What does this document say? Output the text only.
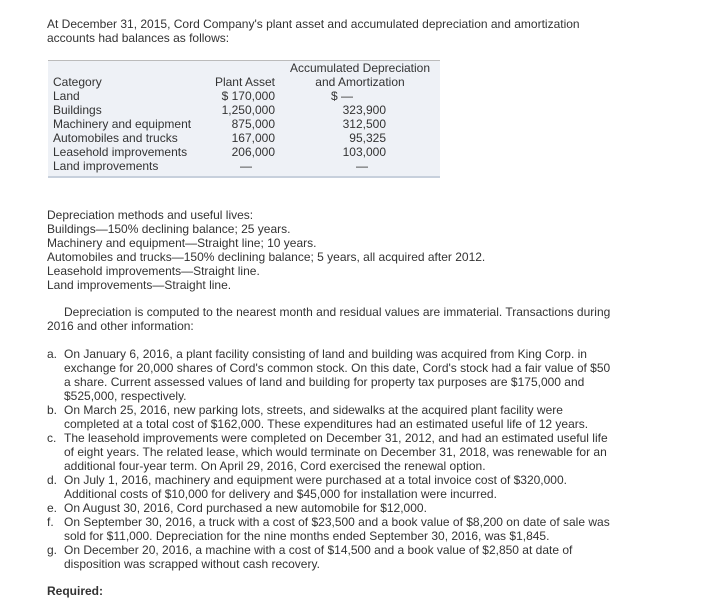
At December 31, 2015, Cord Company's plant asset and accumulated depreciation and amortization
accounts had balances as follows:
Accumulated Depreciation
and Amortization
Category	Plant Asset
Land	$ 170,000	$ —
Buildings	1,250,000	323,900
Machinery and equipment	875,000	312,500
Automobiles and trucks	167,000	95,325
Leasehold improvements	206,000	103,000
Land improvements	—	—
Depreciation methods and useful lives:
Buildings—150% declining balance; 25 years.
Machinery and equipment—Straight line; 10 years.
Automobiles and trucks—150% declining balance; 5 years, all acquired after 2012.
Leasehold improvements—Straight line.
Land improvements—Straight line.
Depreciation is computed to the nearest month and residual values are immaterial. Transactions during
2016 and other information:
a. On January 6, 2016, a plant facility consisting of land and building was acquired from King Corp. in
exchange for 20,000 shares of Cord's common stock. On this date, Cord's stock had a fair value of $50
a share. Current assessed values of land and building for property tax purposes are $175,000 and
$525,000, respectively.
b. On March 25, 2016, new parking lots, streets, and sidewalks at the acquired plant facility were
completed at a total cost of $162,000. These expenditures had an estimated useful life of 12 years.
c. The leasehold improvements were completed on December 31, 2012, and had an estimated useful life
of eight years. The related lease, which would terminate on December 31, 2018, was renewable for an
additional four-year term. On April 29, 2016, Cord exercised the renewal option.
d. On July 1, 2016, machinery and equipment were purchased at a total invoice cost of $320,000.
Additional costs of $10,000 for delivery and $45,000 for installation were incurred.
e. On August 30, 2016, Cord purchased a new automobile for $12,000.
f. On September 30, 2016, a truck with a cost of $23,500 and a book value of $8,200 on date of sale was
sold for $11,000. Depreciation for the nine months ended September 30, 2016, was $1,845.
g. On December 20, 2016, a machine with a cost of $14,500 and a book value of $2,850 at date of
disposition was scrapped without cash recovery.
Required:
